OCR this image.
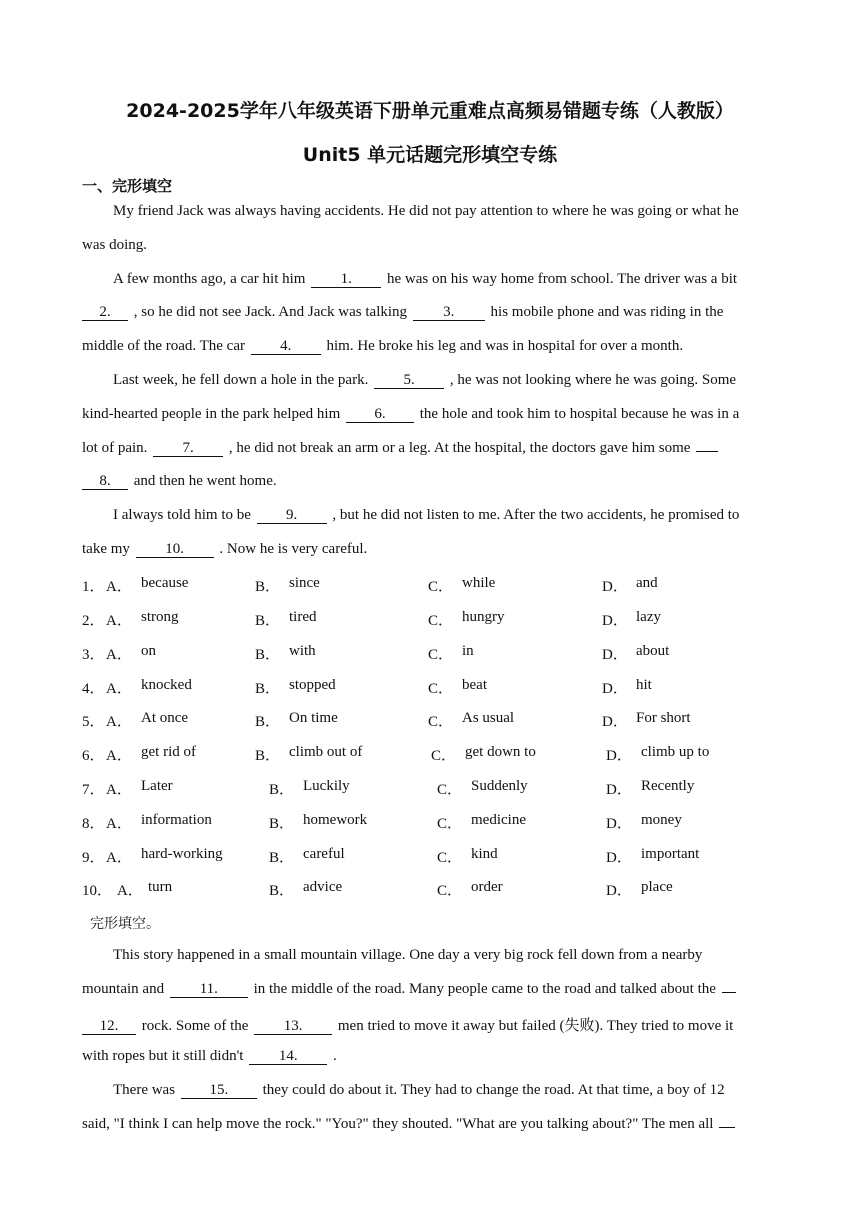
2024-2025学年八年级英语下册单元重难点高频易错题专练（人教版）
Unit5 单元话题完形填空专练
一、完形填空
My friend Jack was always having accidents. He did not pay attention to where he was going or what he
was doing.
A few months ago, a car hit him 1. he was on his way home from school. The driver was a bit
2. , so he did not see Jack. And Jack was talking 3. his mobile phone and was riding in the
middle of the road. The car 4. him. He broke his leg and was in hospital for over a month.
Last week, he fell down a hole in the park. 5. , he was not looking where he was going. Some
kind-hearted people in the park helped him 6. the hole and took him to hospital because he was in a
lot of pain. 7. , he did not break an arm or a leg. At the hospital, the doctors gave him some
8. and then he went home.
I always told him to be 9. , but he did not listen to me. After the two accidents, he promised to
take my 10. . Now he is very careful.
1． A． because	B． since	C． while	D． and
2． A． strong	B． tired	C． hungry	D． lazy
3． A． on	B． with	C． in	D． about
4． A． knocked	B． stopped	C． beat	D． hit
5． A． At once	B． On time	C． As usual	D． For short
6． A． get rid of	B． climb out of	C． get down to	D． climb up to
7． A． Later	B． Luckily	C． Suddenly	D． Recently
8． A． information	B． homework	C． medicine	D． money
9． A． hard-working	B． careful	C． kind	D． important
10． A． turn	B． advice	C． order	D． place
完形填空。
This story happened in a small mountain village. One day a very big rock fell down from a nearby
mountain and 11. in the middle of the road. Many people came to the road and talked about the
12. rock. Some of the 13. men tried to move it away but failed (失败). They tried to move it
with ropes but it still didn't 14. .
There was 15. they could do about it. They had to change the road. At that time, a boy of 12
said, "I think I can help move the rock." "You?" they shouted. "What are you talking about?" The men all
